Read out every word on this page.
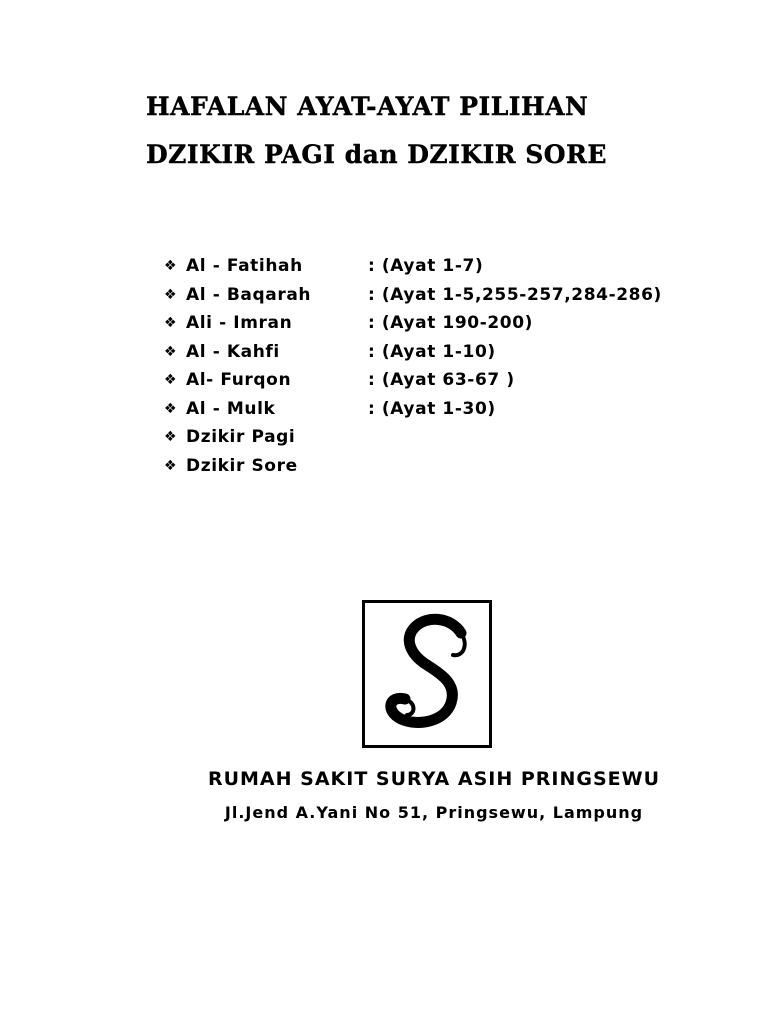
HAFALAN AYAT-AYAT PILIHAN
DZIKIR PAGI dan DZIKIR SORE
❖ Al - Fatihah	: (Ayat 1-7)
❖ Al - Baqarah	: (Ayat 1-5,255-257,284-286)
❖ Ali - Imran	: (Ayat 190-200)
❖ Al - Kahfi	: (Ayat 1-10)
❖ Al- Furqon	: (Ayat 63-67 )
❖ Al - Mulk	: (Ayat 1-30)
❖ Dzikir Pagi
❖ Dzikir Sore
RUMAH SAKIT SURYA ASIH PRINGSEWU
Jl.Jend A.Yani No 51, Pringsewu, Lampung
